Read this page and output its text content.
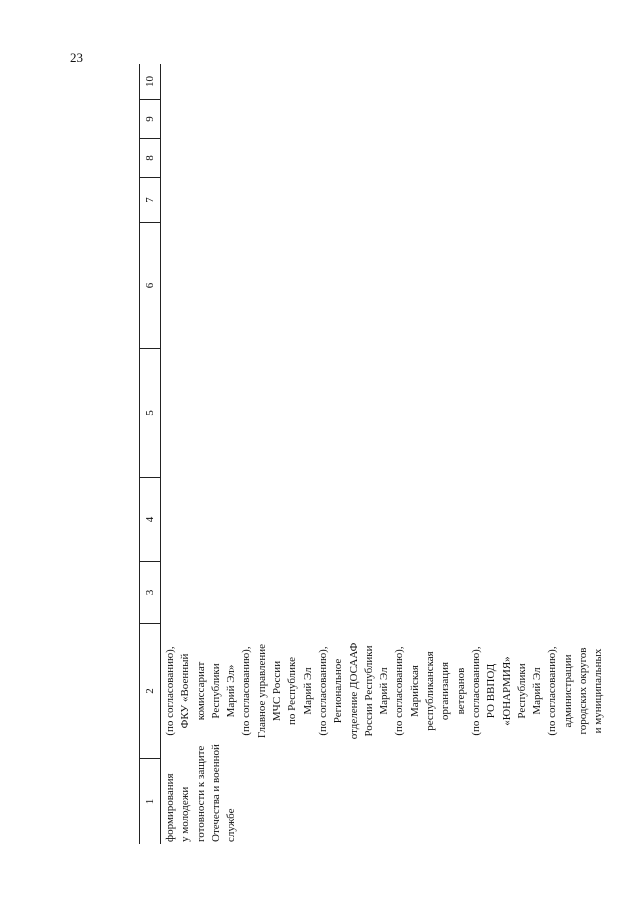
23
1
2
3
4
5
6
7
8
9
10
формирования у молодежи готовности к защите Отечества и военной службе
(по согласованию), ФКУ «Военный комиссариат Республики Марий Эл» (по согласованию), Главное управление МЧС России по Республике Марий Эл (по согласованию), Региональное отделение ДОСААФ России Республики Марий Эл (по согласованию), Марийская республиканская организация ветеранов (по согласованию), РО ВВПОД «ЮНАРМИЯ» Республики Марий Эл (по согласованию), администрации городских округов и муниципальных
